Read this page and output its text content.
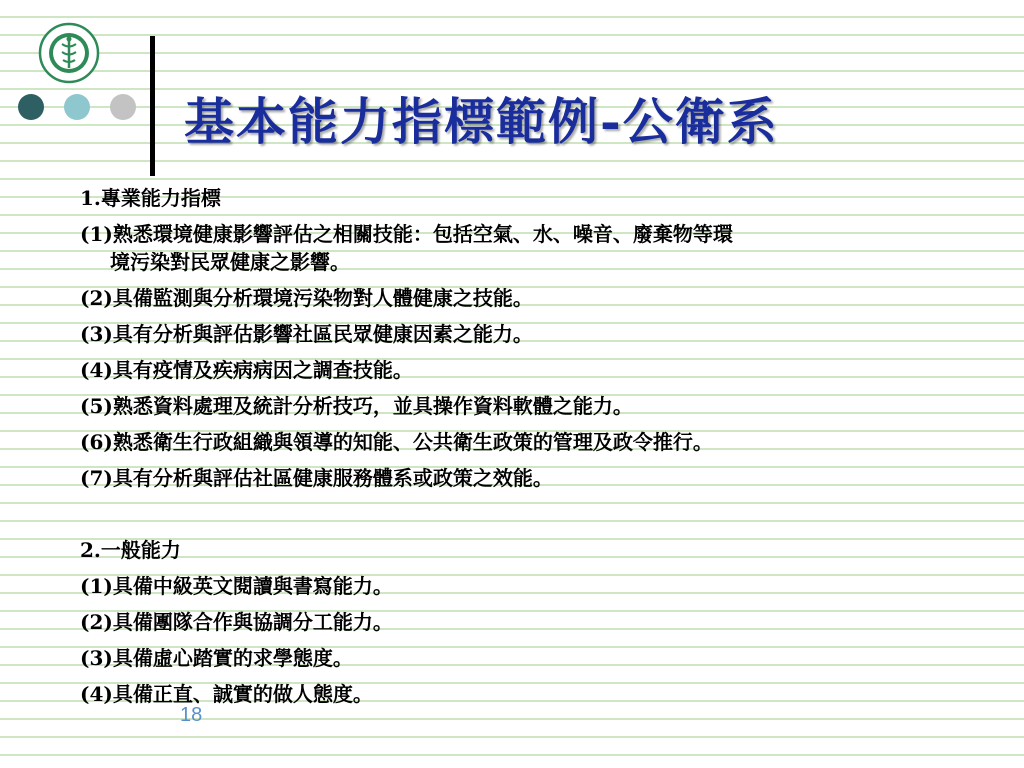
基本能力指標範例-公衛系
1.專業能力指標
(1)熟悉環境健康影響評估之相關技能：包括空氣、水、噪音、廢棄物等環
境污染對民眾健康之影響。
(2)具備監測與分析環境污染物對人體健康之技能。
(3)具有分析與評估影響社區民眾健康因素之能力。
(4)具有疫情及疾病病因之調查技能。
(5)熟悉資料處理及統計分析技巧，並具操作資料軟體之能力。
(6)熟悉衛生行政組織與領導的知能、公共衛生政策的管理及政令推行。
(7)具有分析與評估社區健康服務體系或政策之效能。
2.一般能力
(1)具備中級英文閱讀與書寫能力。
(2)具備團隊合作與協調分工能力。
(3)具備虛心踏實的求學態度。
(4)具備正直、誠實的做人態度。
18
